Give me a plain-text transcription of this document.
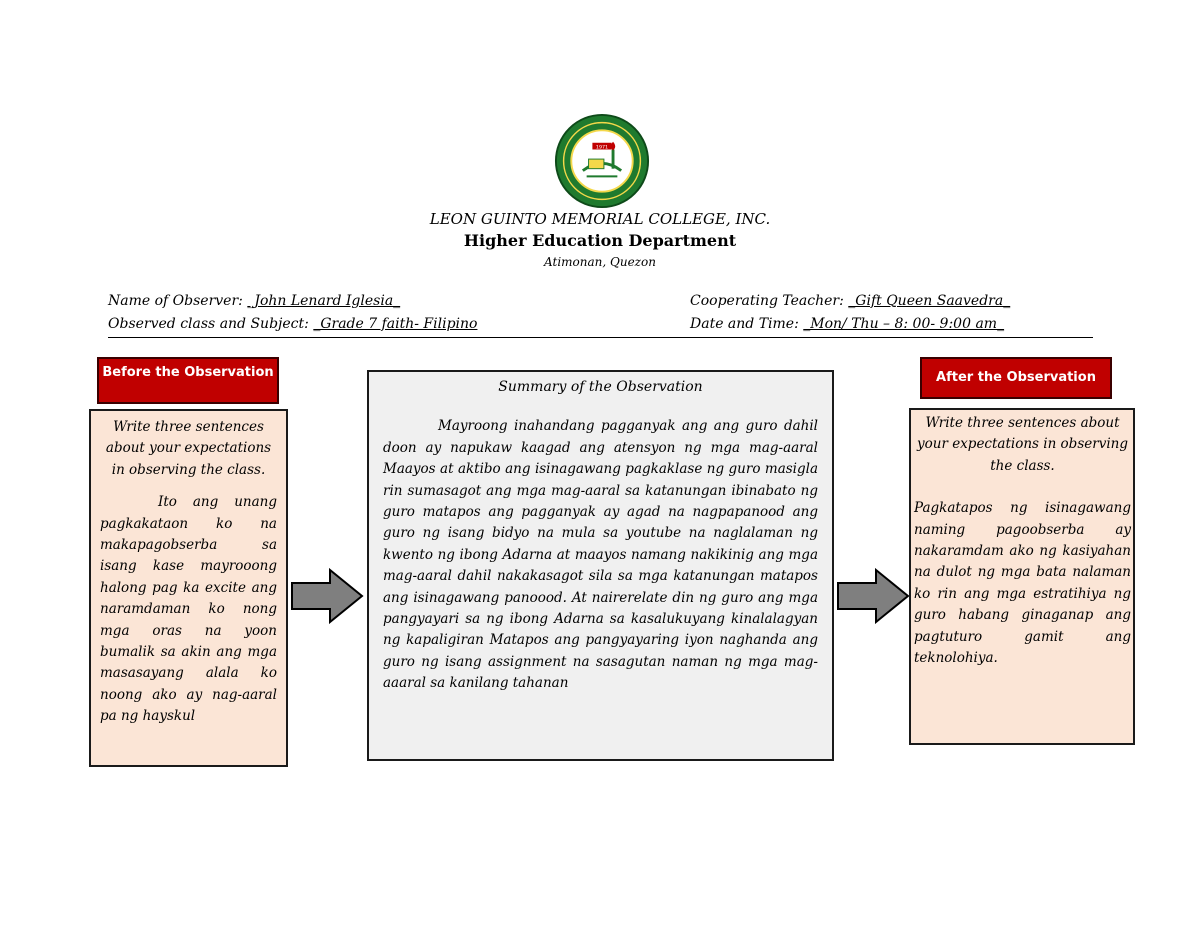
1971
LEON GUINTO MEMORIAL COLLEGE, INC.
Higher Education Department
Atimonan, Quezon
Name of Observer: _John Lenard Iglesia_
Observed class and Subject: _Grade 7 faith- Filipino
Cooperating Teacher: _Gift Queen Saavedra_
Date and Time: _Mon/ Thu – 8: 00- 9:00 am_
Before the Observation

Write three sentences about your expectations in observing the class.

Ito ang unang pagkakataon ko na makapagobserba sa isang kase mayrooong halong pag ka excite ang naramdaman ko nong mga oras na yoon bumalik sa akin ang mga masasayang alala ko noong ako ay nag-aaral pa ng hayskul

Summary of the Observation

Mayroong inahandang pagganyak ang ang guro dahil doon ay napukaw kaagad ang atensyon ng mga mag-aaral Maayos at aktibo ang isinagawang pagkaklase ng guro masigla rin sumasagot ang mga mag-aaral sa katanungan ibinabato ng guro matapos ang pagganyak ay agad na nagpapanood ang guro ng isang bidyo na mula sa youtube na naglalaman ng kwento ng ibong Adarna at maayos namang nakikinig ang mga mag-aaral dahil nakakasagot sila sa mga katanungan matapos ang isinagawang panoood. At nairerelate din ng guro ang mga pangyayari sa ng ibong Adarna sa kasalukuyang kinalalagyan ng kapaligiran Matapos ang pangyayaring iyon naghanda ang guro ng isang assignment na sasagutan naman ng mga mag-aaaral sa kanilang tahanan

After the Observation

Write three sentences about your expectations in observing the class.

Pagkatapos ng isinagawang naming pagoobserba ay nakaramdam ako ng kasiyahan na dulot ng mga bata nalaman ko rin ang mga estratihiya ng guro habang ginaganap ang pagtuturo gamit ang teknolohiya.
